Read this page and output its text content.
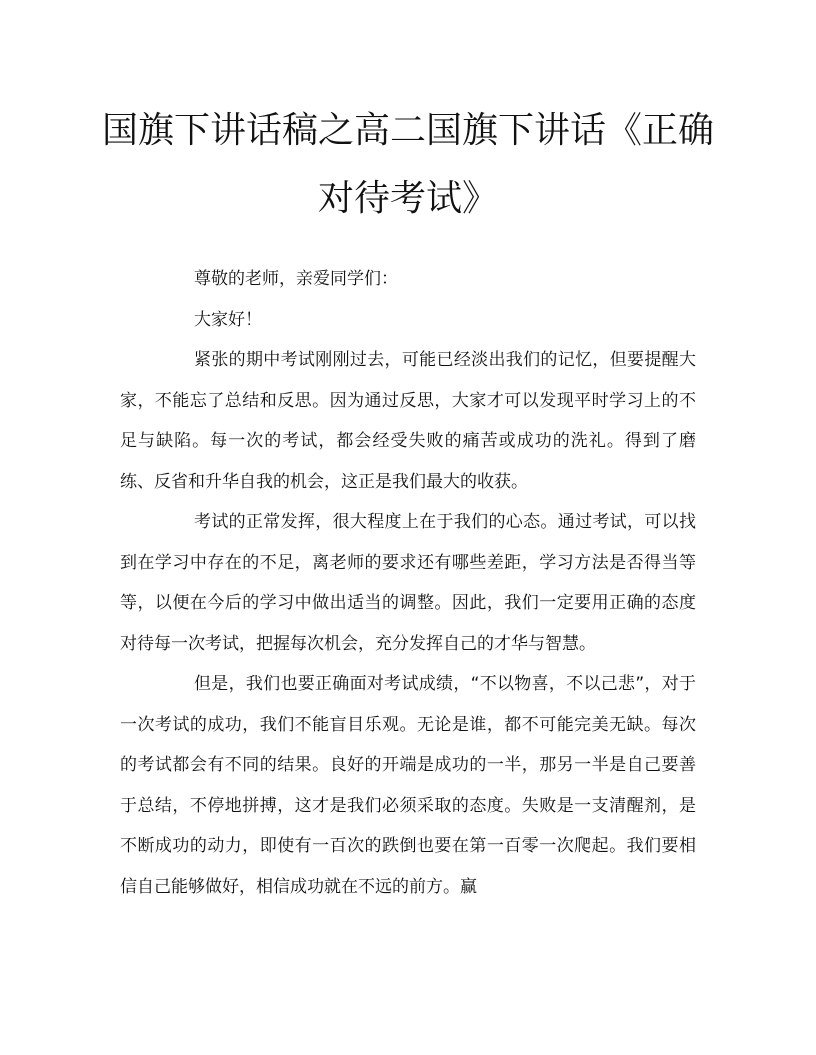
国旗下讲话稿之高二国旗下讲话《正确
对待考试》

尊敬的老师，亲爱同学们：

大家好！

紧张的期中考试刚刚过去，可能已经淡出我们的记忆，但要提醒大家，不能忘了总结和反思。因为通过反思，大家才可以发现平时学习上的不足与缺陷。每一次的考试，都会经受失败的痛苦或成功的洗礼。得到了磨练、反省和升华自我的机会，这正是我们最大的收获。

考试的正常发挥，很大程度上在于我们的心态。通过考试，可以找到在学习中存在的不足，离老师的要求还有哪些差距，学习方法是否得当等等，以便在今后的学习中做出适当的调整。因此，我们一定要用正确的态度对待每一次考试，把握每次机会，充分发挥自己的才华与智慧。

但是，我们也要正确面对考试成绩，“不以物喜，不以己悲”，对于一次考试的成功，我们不能盲目乐观。无论是谁，都不可能完美无缺。每次的考试都会有不同的结果。良好的开端是成功的一半，那另一半是自己要善于总结，不停地拼搏，这才是我们必须采取的态度。失败是一支清醒剂，是不断成功的动力，即使有一百次的跌倒也要在第一百零一次爬起。我们要相信自己能够做好，相信成功就在不远的前方。赢
